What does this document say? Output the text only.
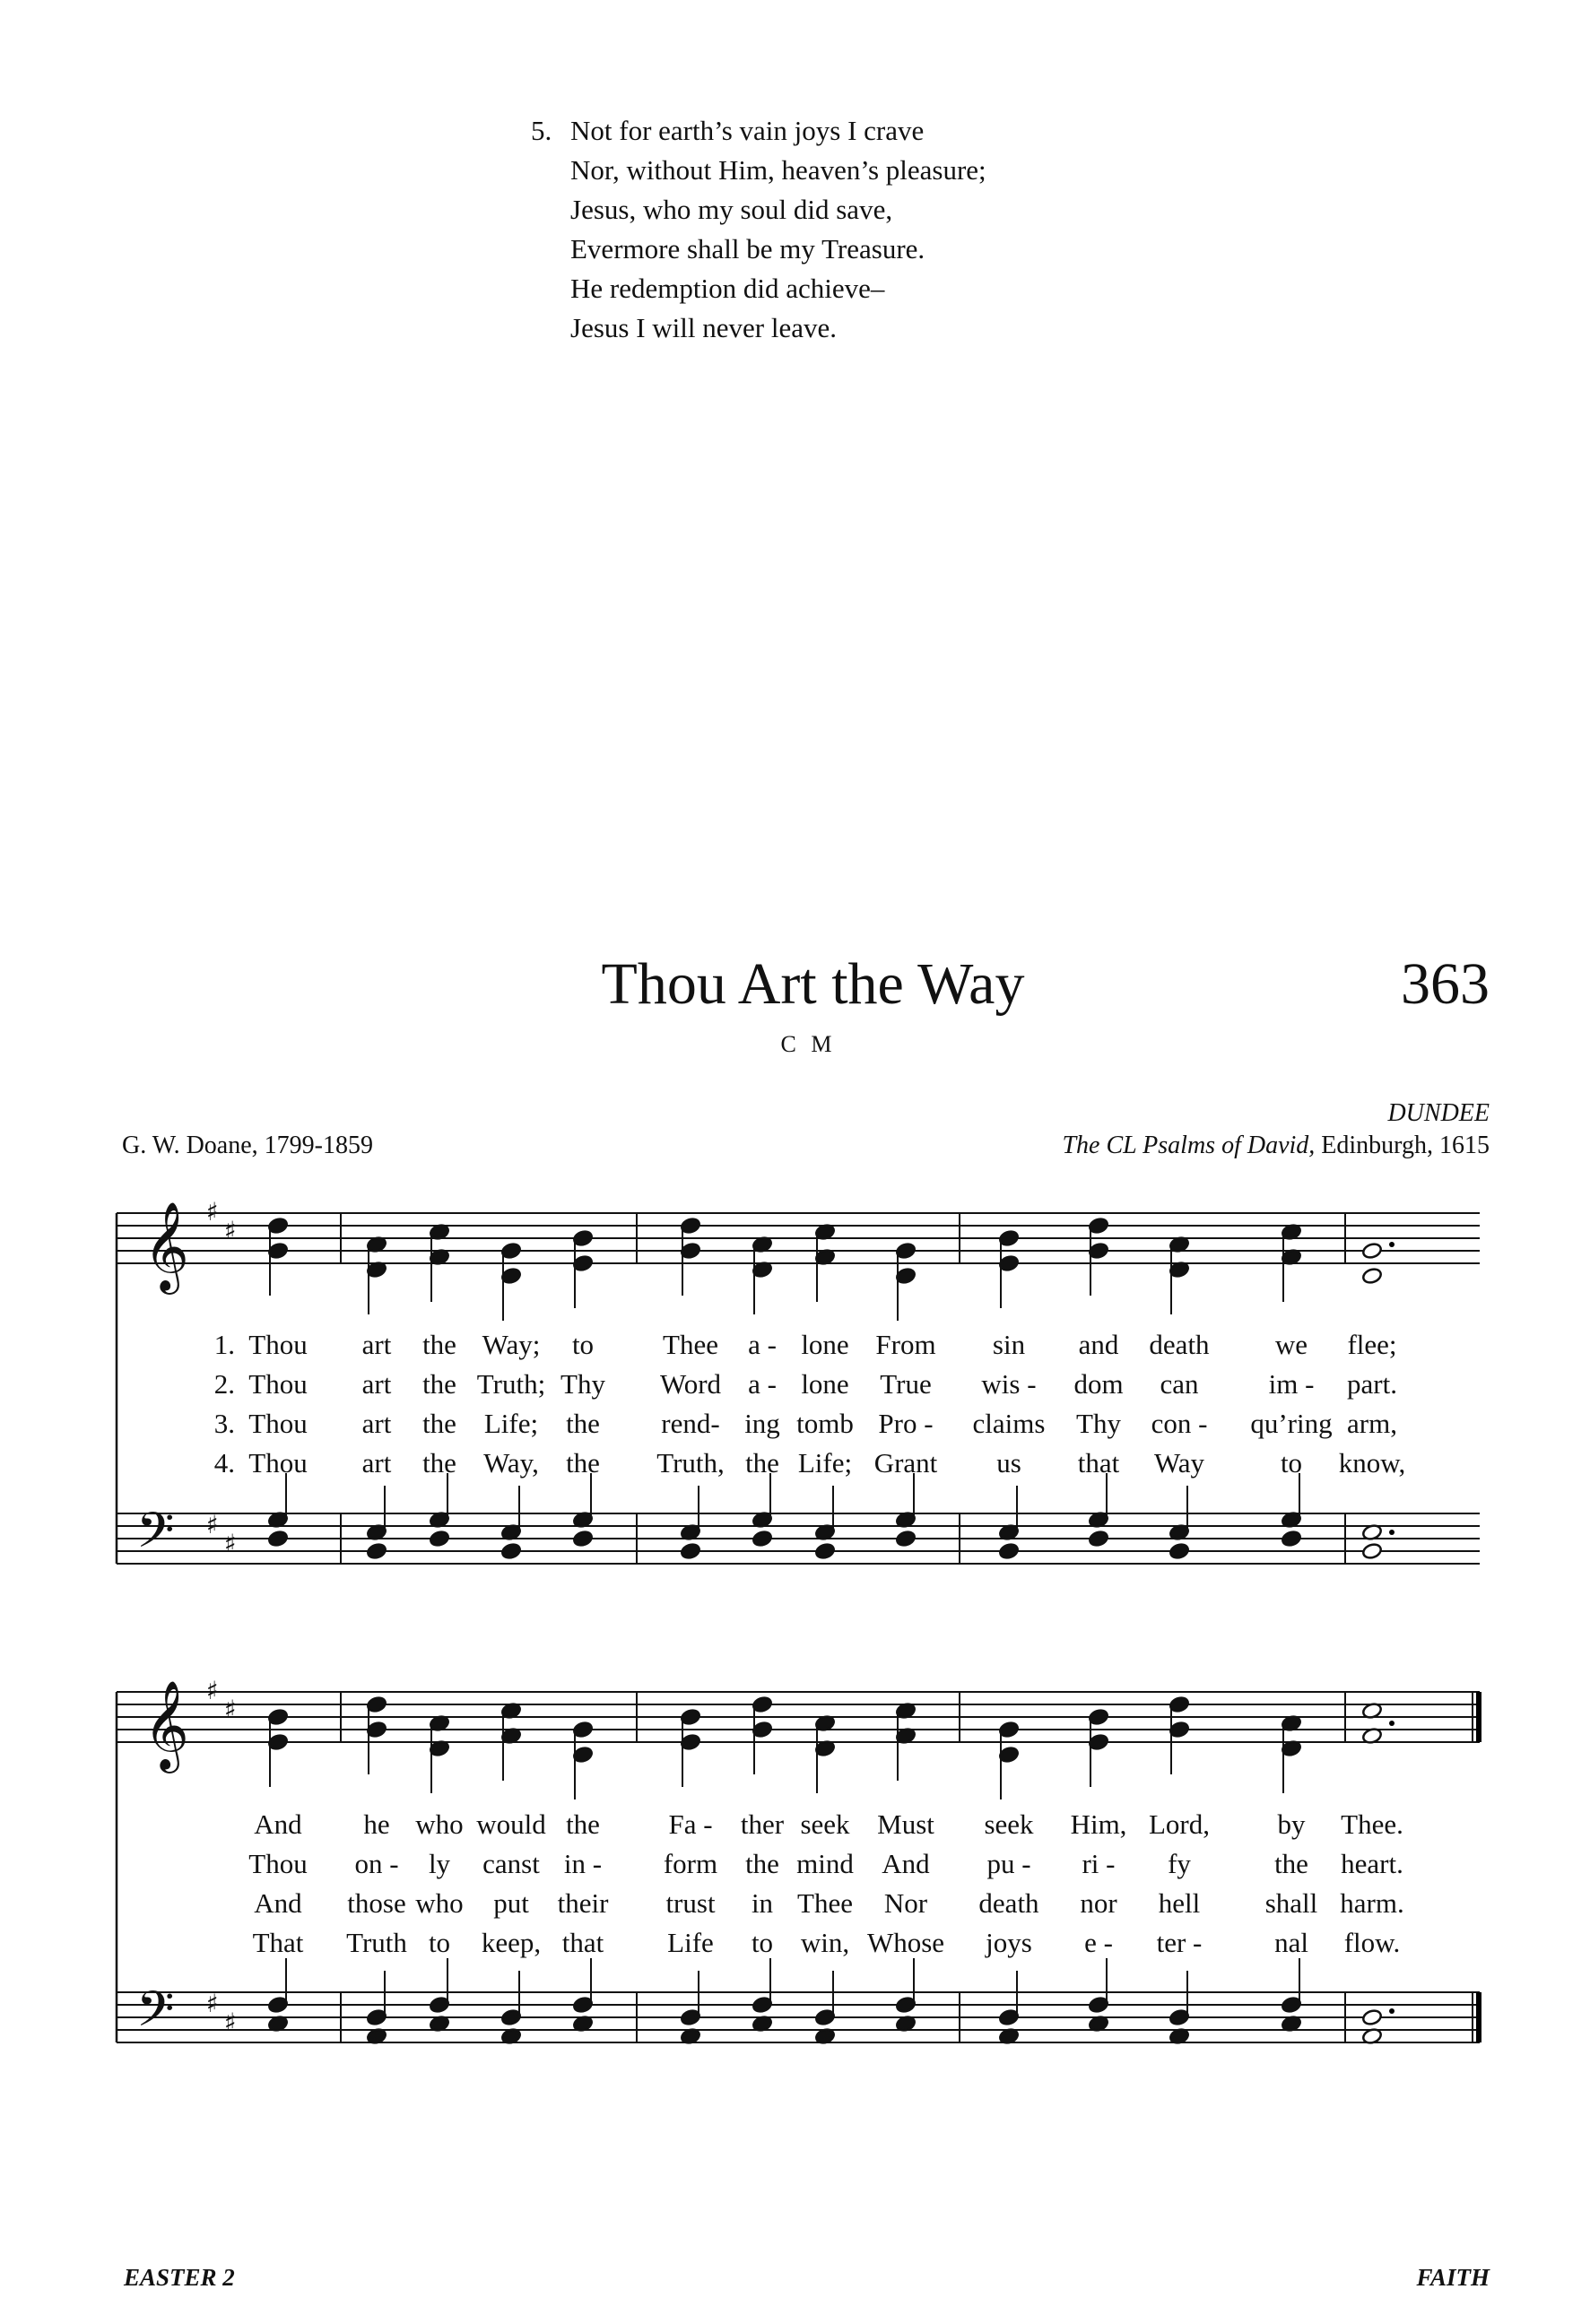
5. Not for earth’s vain joys I crave
Nor, without Him, heaven’s pleasure;
Jesus, who my soul did save,
Evermore shall be my Treasure.
He redemption did achieve–
Jesus I will never leave.
Thou Art the Way	363
C M
G. W. Doane, 1799-1859
DUNDEE
The CL Psalms of David, Edinburgh, 1615
𝄞
𝄢
♯
♯
♯
♯
1.
2.
3.
4.
Thou art the Way; to Thee a - lone From sin and death we flee;
Thou art the Truth; Thy Word a - lone True wis - dom can	im - part.
Thou art the Life; the rend- ing tomb Pro - claims Thy con - qu’ring arm,
Thou art the Way, the Truth, the Life; Grant us that Way	to know,
𝄞
𝄢
♯
♯
♯
♯
And he who would the Fa - ther seek Must seek Him, Lord, by Thee.
Thou on - ly canst in - form the mind And pu - ri - fy	the heart.
And those who put their trust in Thee Nor death nor hell shall harm.
That Truth to keep, that Life to win, Whose joys e - ter -	nal flow.
EASTER 2	FAITH
